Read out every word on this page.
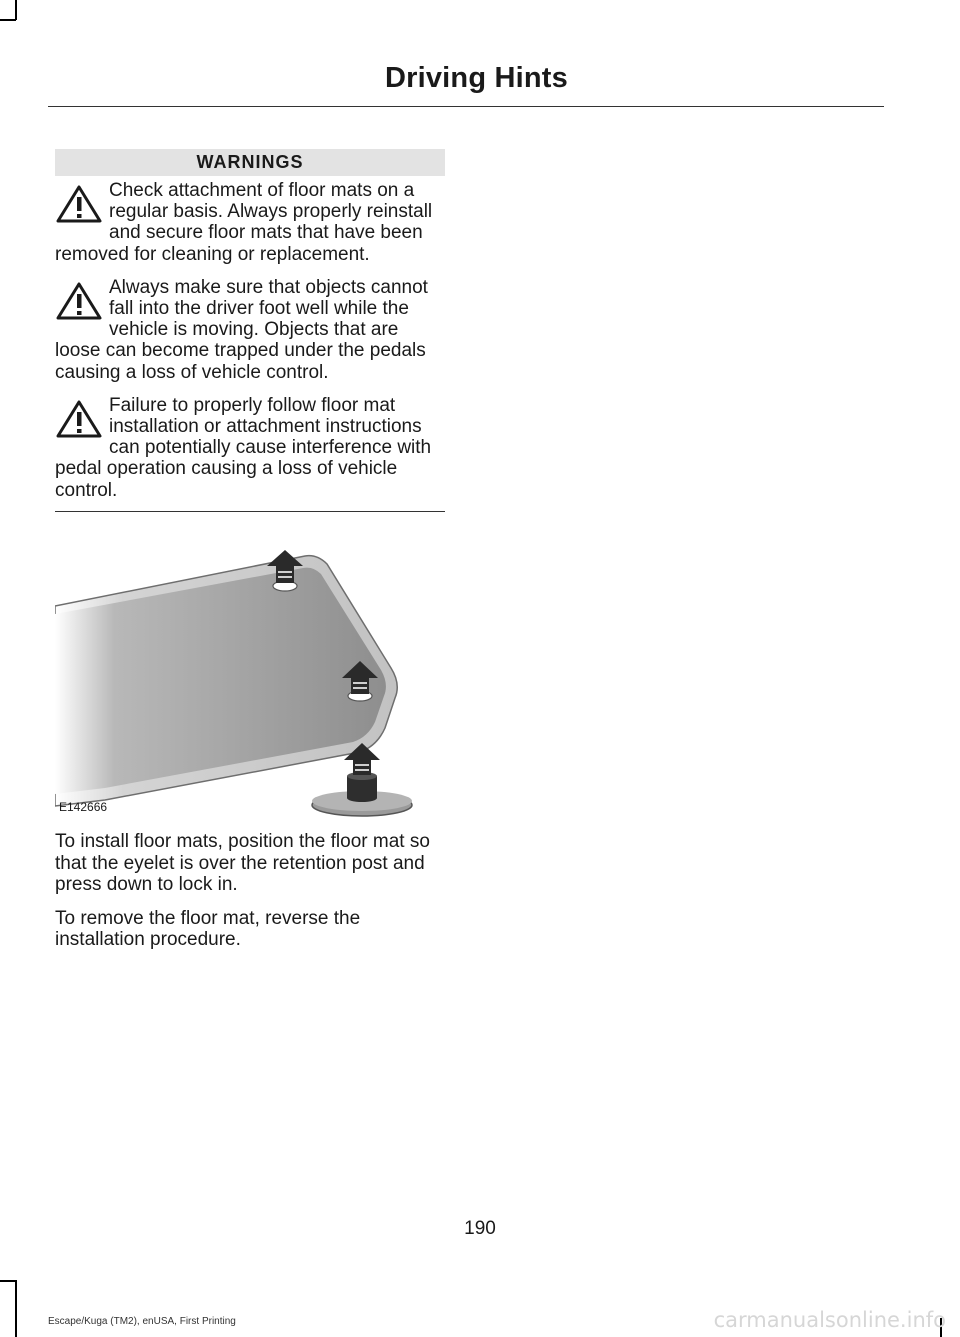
Driving Hints
WARNINGS

Check attachment of floor mats on a regular basis. Always properly reinstall and secure floor mats that have been removed for cleaning or replacement.

Always make sure that objects cannot fall into the driver foot well while the vehicle is moving. Objects that are loose can become trapped under the pedals causing a loss of vehicle control.

Failure to properly follow floor mat installation or attachment instructions can potentially cause interference with pedal operation causing a loss of vehicle control.

E142666

To install floor mats, position the floor mat so that the eyelet is over the retention post and press down to lock in.

To remove the floor mat, reverse the installation procedure.

190
Escape/Kuga (TM2), enUSA, First Printing	carmanualsonline.info
